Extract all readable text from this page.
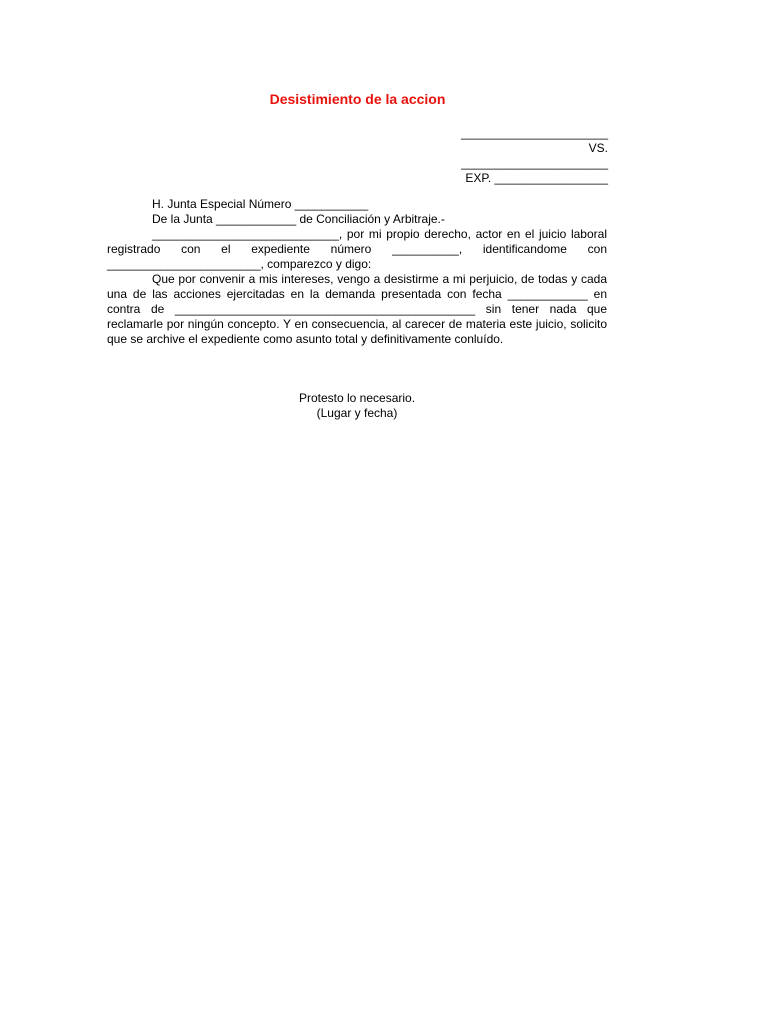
Desistimiento de la accion
______________________
VS.
______________________
EXP. _________________
H. Junta Especial Número ___________
De la Junta ____________ de Conciliación y Arbitraje.-

____________________________, por mi propio derecho, actor en el juicio laboral registrado con el expediente número __________, identificandome con _______________________, comparezco y digo:

Que por convenir a mis intereses, vengo a desistirme a mi perjuicio, de todas y cada una de las acciones ejercitadas en la demanda presentada con fecha ____________ en contra de _____________________________________________ sin tener nada que reclamarle por ningún concepto. Y en consecuencia, al carecer de materia este juicio, solicito que se archive el expediente como asunto total y definitivamente conluído.

Protesto lo necesario.
(Lugar y fecha)
